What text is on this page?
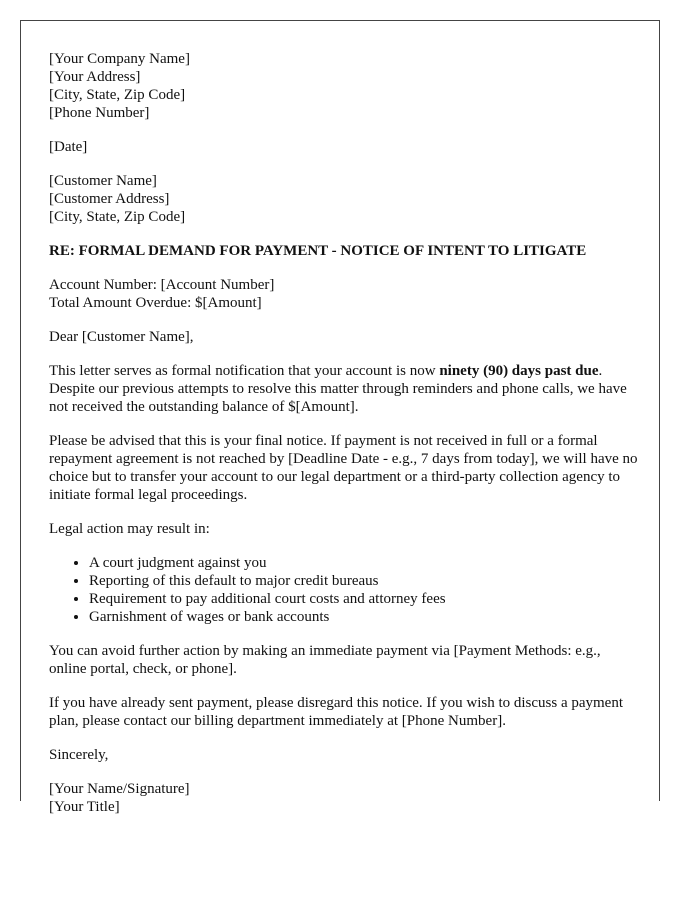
[Your Company Name]
[Your Address]
[City, State, Zip Code]
[Phone Number]
[Date]
[Customer Name]
[Customer Address]
[City, State, Zip Code]
RE: FORMAL DEMAND FOR PAYMENT - NOTICE OF INTENT TO LITIGATE
Account Number: [Account Number]
Total Amount Overdue: $[Amount]

Dear [Customer Name],

This letter serves as formal notification that your account is now ninety (90) days past due. Despite our previous attempts to resolve this matter through reminders and phone calls, we have not received the outstanding balance of $[Amount].

Please be advised that this is your final notice. If payment is not received in full or a formal repayment agreement is not reached by [Deadline Date - e.g., 7 days from today], we will have no choice but to transfer your account to our legal department or a third-party collection agency to initiate formal legal proceedings.

Legal action may result in:

• A court judgment against you
• Reporting of this default to major credit bureaus
• Requirement to pay additional court costs and attorney fees
• Garnishment of wages or bank accounts

You can avoid further action by making an immediate payment via [Payment Methods: e.g., online portal, check, or phone].

If you have already sent payment, please disregard this notice. If you wish to discuss a payment plan, please contact our billing department immediately at [Phone Number].

Sincerely,

[Your Name/Signature]
[Your Title]
